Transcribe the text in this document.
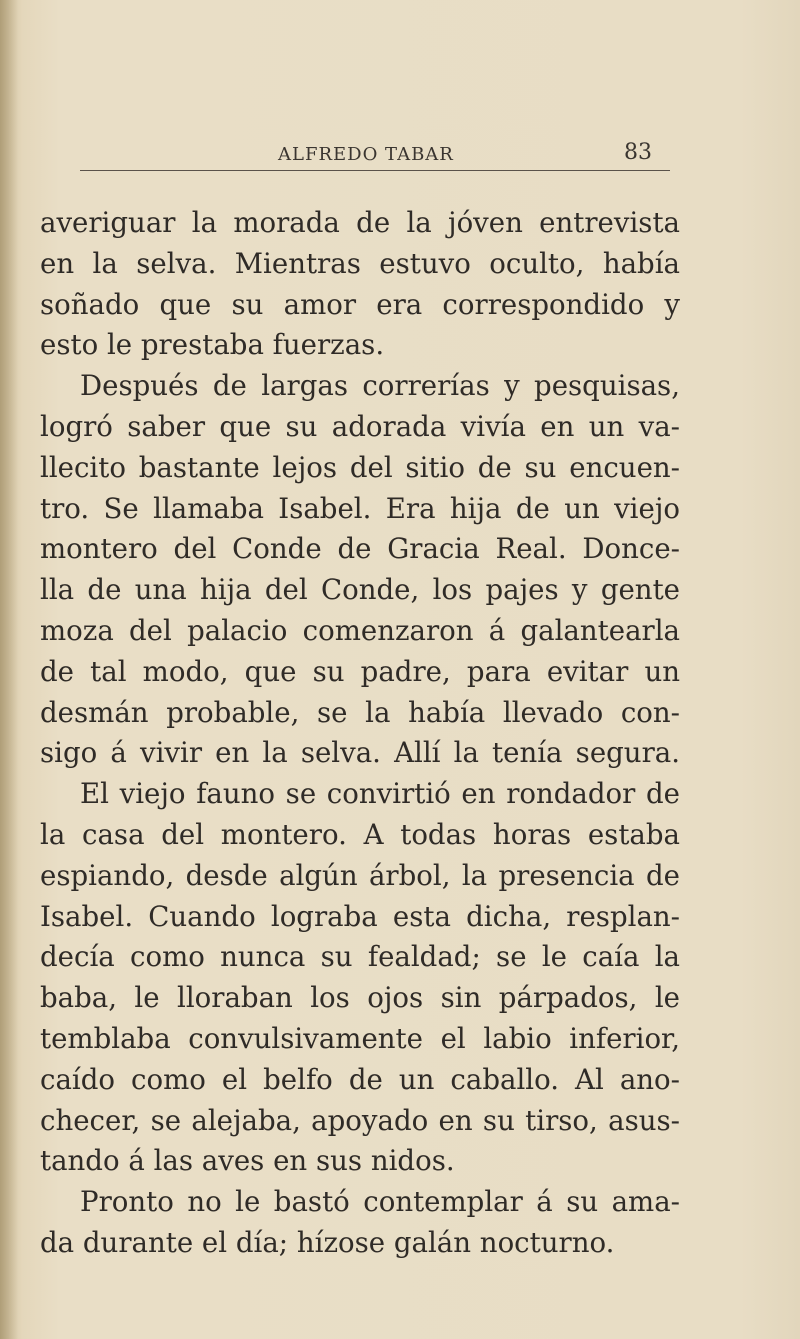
ALFREDO TABAR	83
averiguar la morada de la jóven entrevista
en la selva. Mientras estuvo oculto, había
soñado que su amor era correspondido y
esto le prestaba fuerzas.
Después de largas correrías y pesquisas,
logró saber que su adorada vivía en un va-
llecito bastante lejos del sitio de su encuen-
tro. Se llamaba Isabel. Era hija de un viejo
montero del Conde de Gracia Real. Donce-
lla de una hija del Conde, los pajes y gente
moza del palacio comenzaron á galantearla
de tal modo, que su padre, para evitar un
desmán probable, se la había llevado con-
sigo á vivir en la selva. Allí la tenía segura.
El viejo fauno se convirtió en rondador de
la casa del montero. A todas horas estaba
espiando, desde algún árbol, la presencia de
Isabel. Cuando lograba esta dicha, resplan-
decía como nunca su fealdad; se le caía la
baba, le lloraban los ojos sin párpados, le
temblaba convulsivamente el labio inferior,
caído como el belfo de un caballo. Al ano-
checer, se alejaba, apoyado en su tirso, asus-
tando á las aves en sus nidos.
Pronto no le bastó contemplar á su ama-
da durante el día; hízose galán nocturno.
